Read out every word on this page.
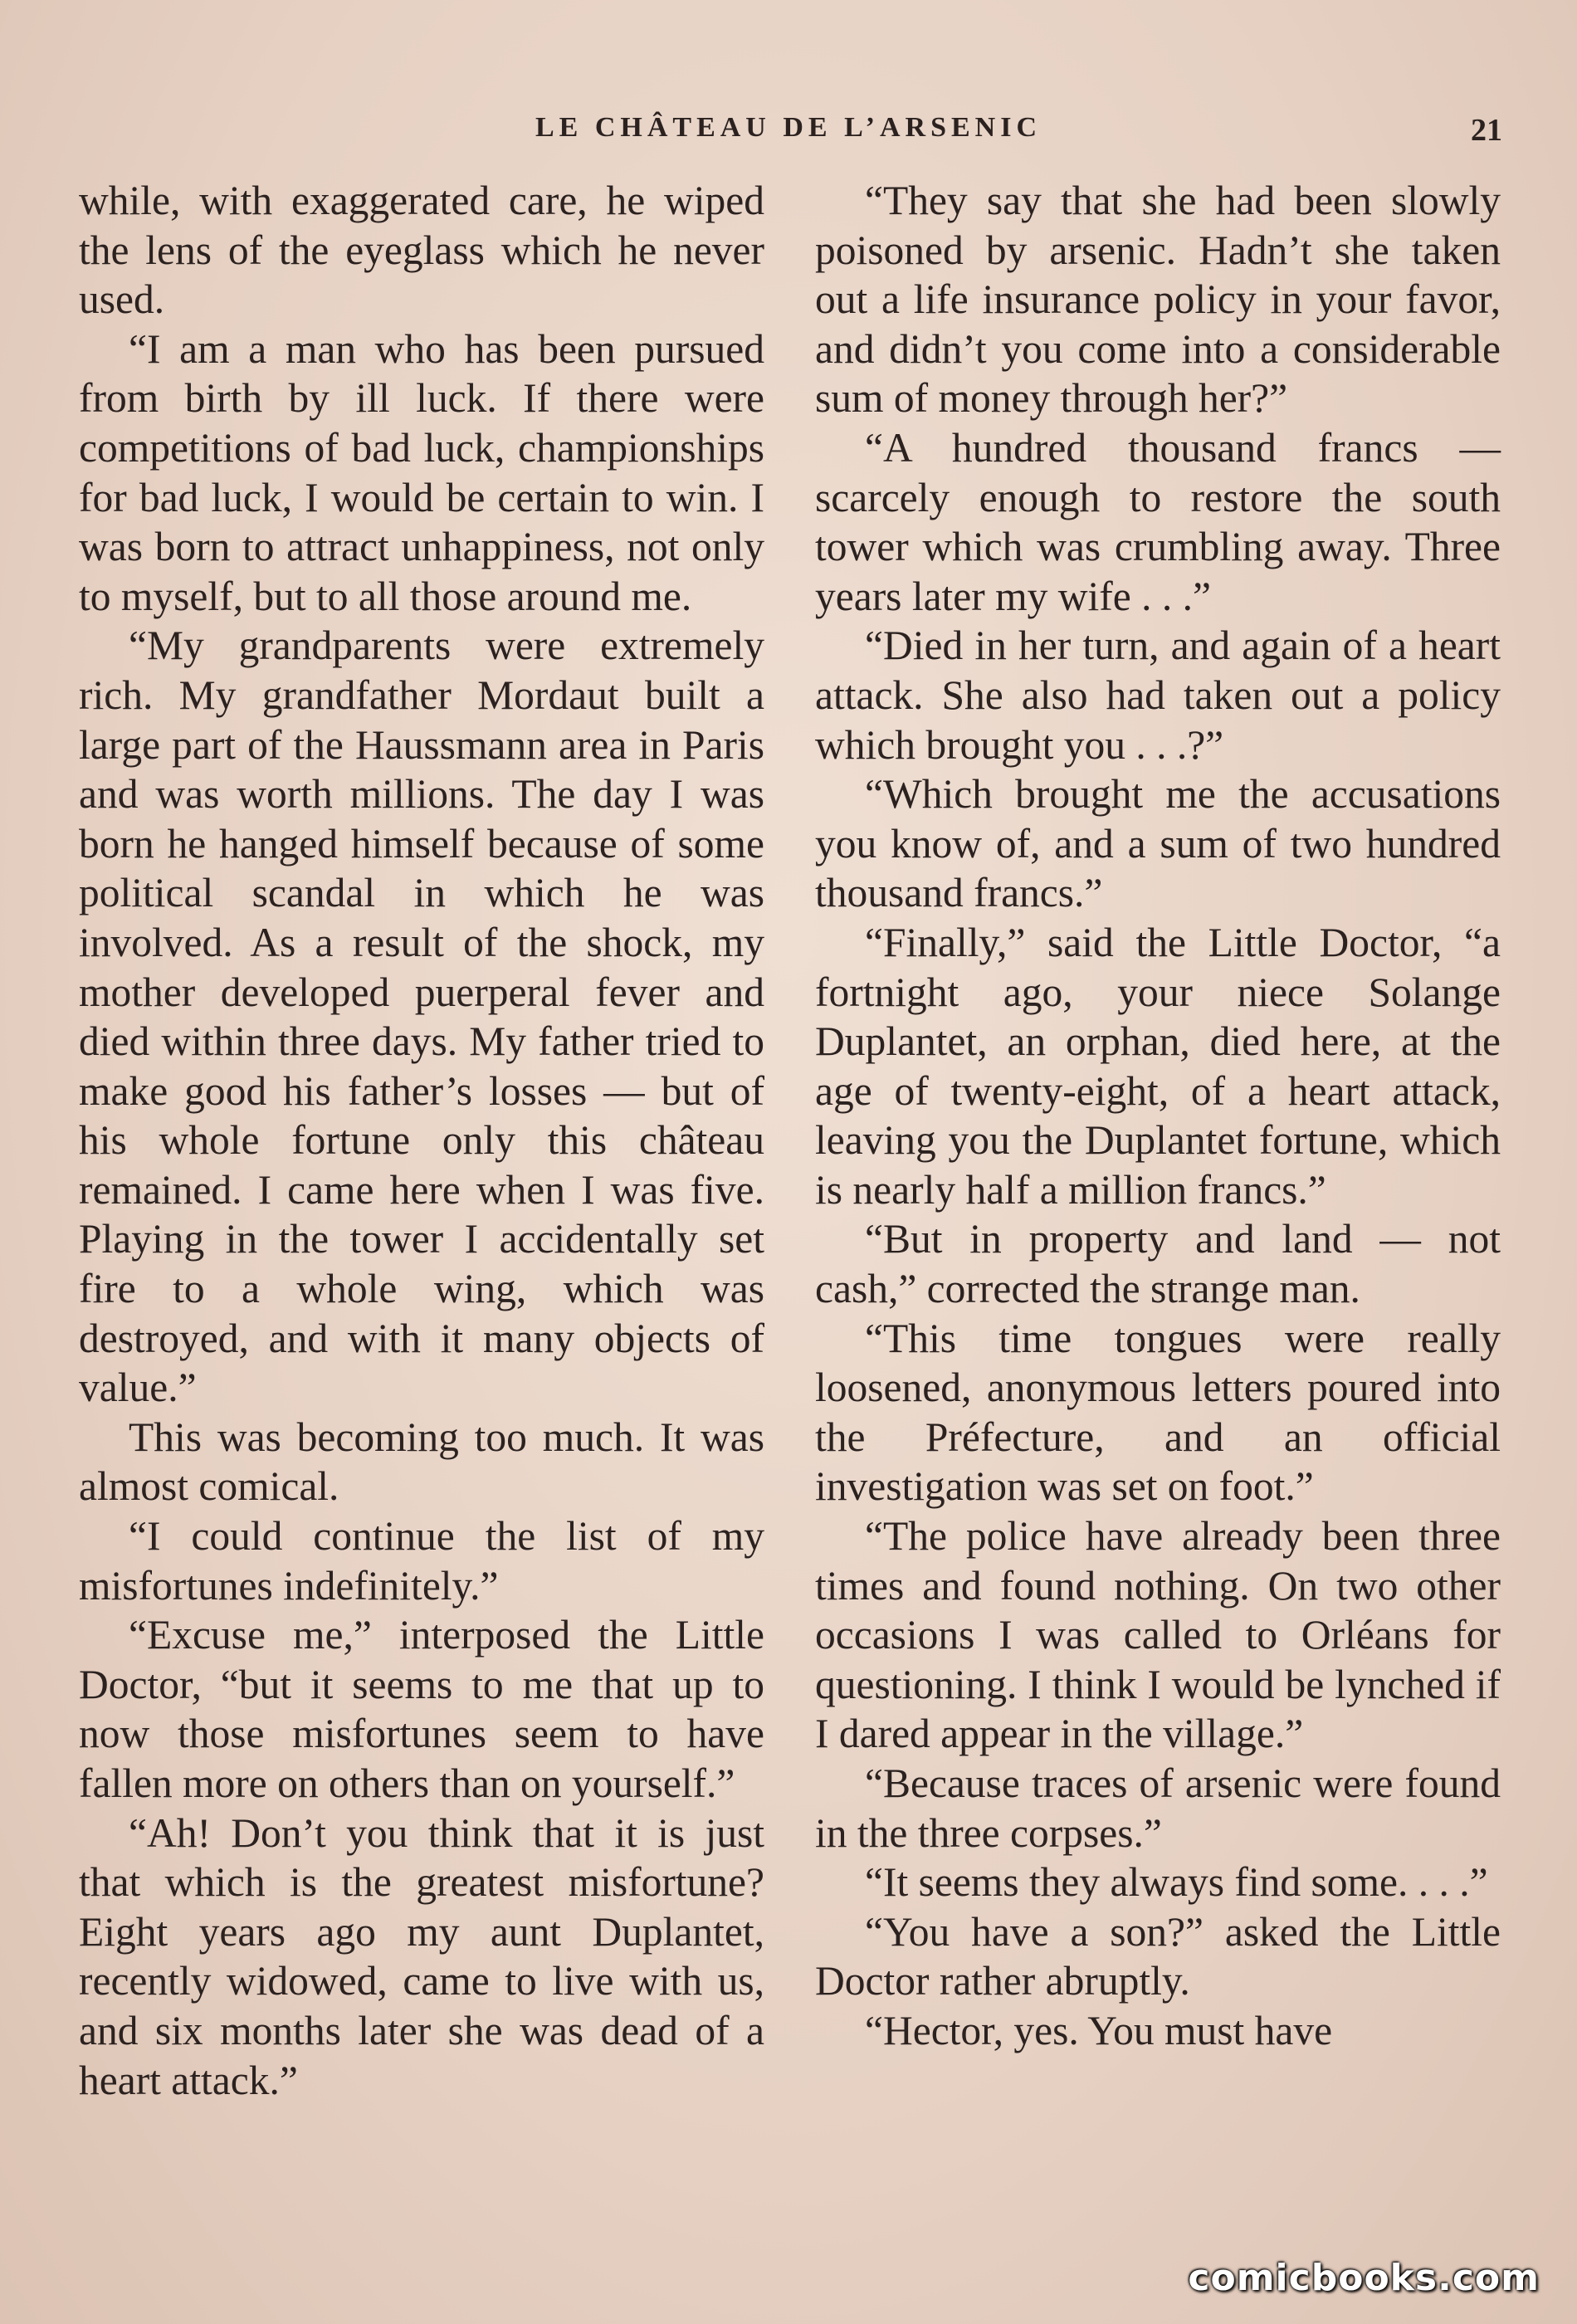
LE CHÂTEAU DE L’ARSENIC	21

while, with exaggerated care, he wiped the lens of the eyeglass which he never used.

“I am a man who has been pursued from birth by ill luck. If there were competitions of bad luck, championships for bad luck, I would be certain to win. I was born to attract unhappiness, not only to myself, but to all those around me.

“My grandparents were extremely rich. My grandfather Mordaut built a large part of the Haussmann area in Paris and was worth millions. The day I was born he hanged himself because of some political scandal in which he was involved. As a result of the shock, my mother developed puerperal fever and died within three days. My father tried to make good his father’s losses — but of his whole fortune only this château remained. I came here when I was five. Playing in the tower I accidentally set fire to a whole wing, which was destroyed, and with it many objects of value.”

This was becoming too much. It was almost comical.

“I could continue the list of my misfortunes indefinitely.”

“Excuse me,” interposed the Little Doctor, “but it seems to me that up to now those misfortunes seem to have fallen more on others than on yourself.”

“Ah! Don’t you think that it is just that which is the greatest misfortune? Eight years ago my aunt Duplantet, recently widowed, came to live with us, and six months later she was dead of a heart attack.”

“They say that she had been slowly poisoned by arsenic. Hadn’t she taken out a life insurance policy in your favor, and didn’t you come into a considerable sum of money through her?”

“A hundred thousand francs — scarcely enough to restore the south tower which was crumbling away. Three years later my wife . . .”

“Died in her turn, and again of a heart attack. She also had taken out a policy which brought you . . .?”

“Which brought me the accusations you know of, and a sum of two hundred thousand francs.”

“Finally,” said the Little Doctor, “a fortnight ago, your niece Solange Duplantet, an orphan, died here, at the age of twenty-eight, of a heart attack, leaving you the Duplantet fortune, which is nearly half a million francs.”

“But in property and land — not cash,” corrected the strange man.

“This time tongues were really loosened, anonymous letters poured into the Préfecture, and an official investigation was set on foot.”

“The police have already been three times and found nothing. On two other occasions I was called to Orléans for questioning. I think I would be lynched if I dared appear in the village.”

“Because traces of arsenic were found in the three corpses.”

“It seems they always find some. . . .”

“You have a son?” asked the Little Doctor rather abruptly.

“Hector, yes. You must have

comicbooks.com
